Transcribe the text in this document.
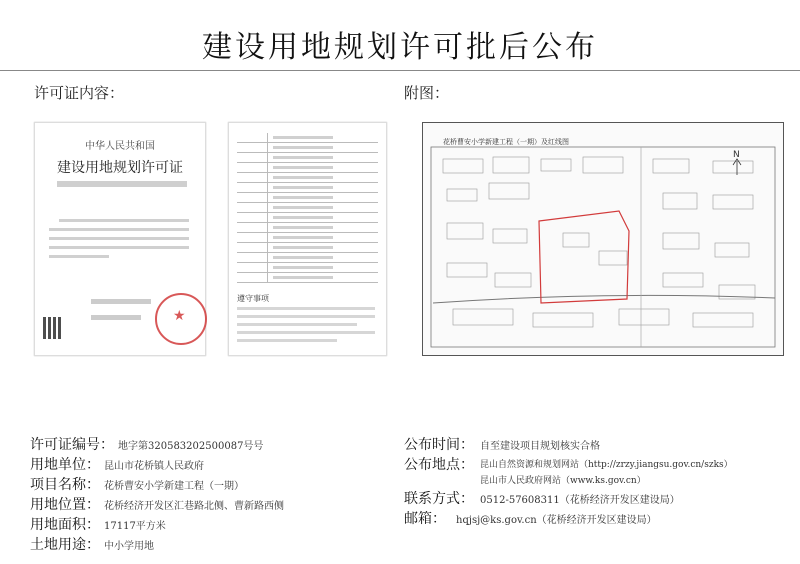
建设用地规划许可批后公布
许可证内容：	附图：
中华人民共和国
建设用地规划许可证
★
遵守事项
花桥曹安小学新建工程（一期）及红线图
N
许可证编号： 地字第320583202500087号号
用地单位： 昆山市花桥镇人民政府
项目名称： 花桥曹安小学新建工程（一期）
用地位置： 花桥经济开发区汇巷路北侧、曹新路西侧
用地面积： 17117平方米
土地用途： 中小学用地
公布时间： 自至建设项目规划核实合格
公布地点： 昆山自然资源和规划网站（http://zrzy.jiangsu.gov.cn/szks）
昆山市人民政府网站（www.ks.gov.cn）
联系方式： 0512-57608311（花桥经济开发区建设局）
邮箱： hqjsj@ks.gov.cn（花桥经济开发区建设局）
